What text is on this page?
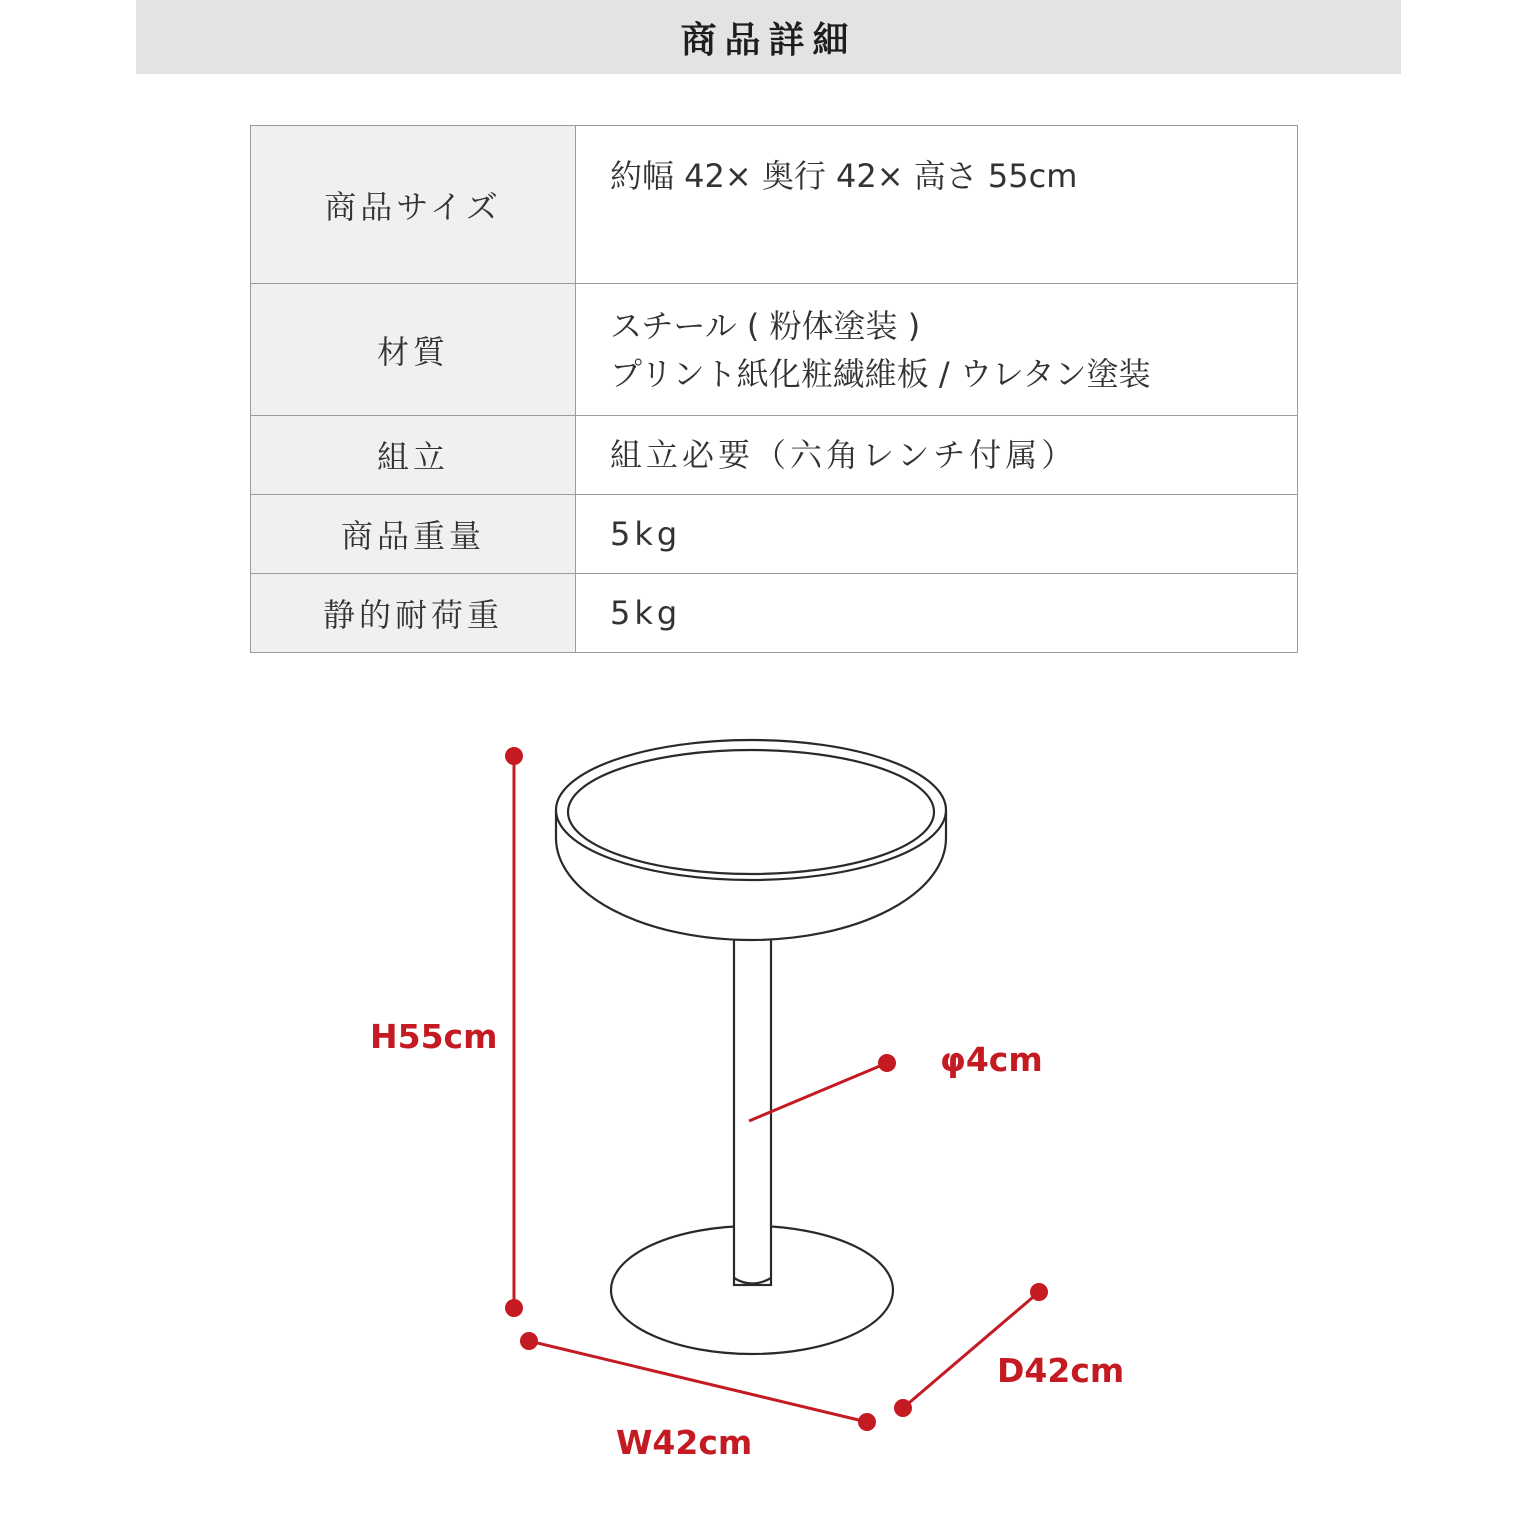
商品詳細
商品サイズ	約幅 42× 奥行 42× 高さ 55cm
材質	スチール ( 粉体塗装 )
プリント紙化粧繊維板 / ウレタン塗装

組立	組立必要（六角レンチ付属）
商品重量	5kg
静的耐荷重	5kg
H55cm
φ4cm
D42cm
W42cm
